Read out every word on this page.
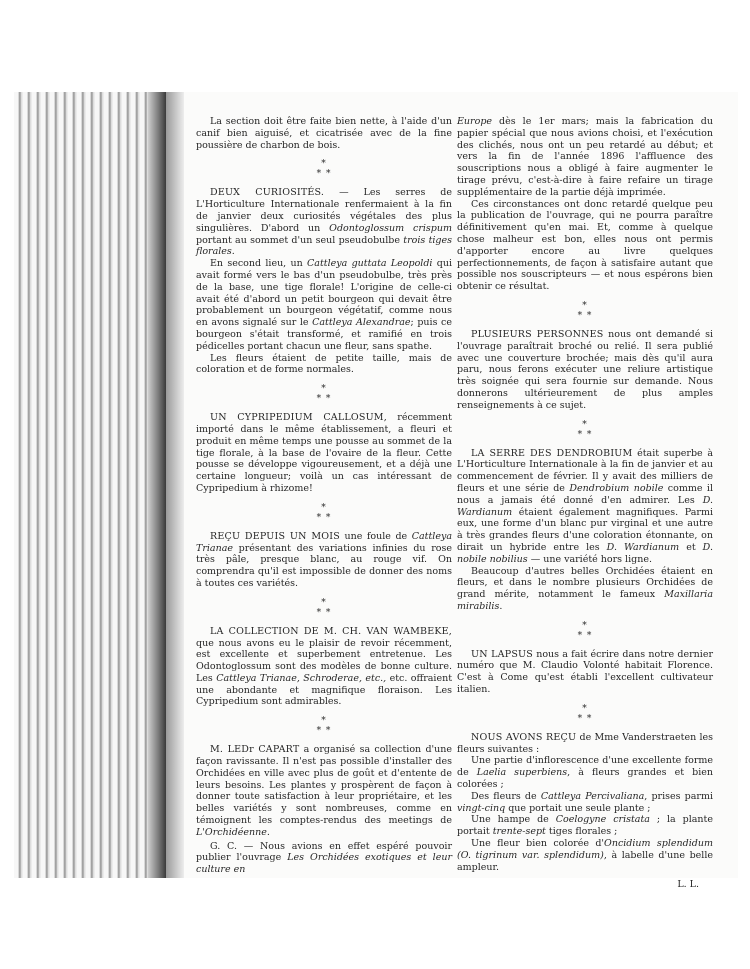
La section doit être faite bien nette, à l'aide d'un canif bien aiguisé, et cicatrisée avec de la fine poussière de charbon de bois.

*
* *

DEUX CURIOSITÉS. — Les serres de L'Horticulture Internationale renfermaient à la fin de janvier deux curiosités végétales des plus singulières. D'abord un Odontoglossum crispum portant au sommet d'un seul pseudobulbe trois tiges florales.

En second lieu, un Cattleya guttata Leopoldi qui avait formé vers le bas d'un pseudobulbe, très près de la base, une tige florale! L'origine de celle-ci avait été d'abord un petit bourgeon qui devait être probablement un bourgeon végétatif, comme nous en avons signalé sur le Cattleya Alexandrae; puis ce bourgeon s'était transformé, et ramifié en trois pédicelles portant chacun une fleur, sans spathe.

Les fleurs étaient de petite taille, mais de coloration et de forme normales.

*
* *

UN CYPRIPEDIUM CALLOSUM, récemment importé dans le même établissement, a fleuri et produit en même temps une pousse au sommet de la tige florale, à la base de l'ovaire de la fleur. Cette pousse se développe vigoureusement, et a déjà une certaine longueur; voilà un cas intéressant de Cypripedium à rhizome!

*
* *

REÇU DEPUIS UN MOIS une foule de Cattleya Trianae présentant des variations infinies du rose très pâle, presque blanc, au rouge vif. On comprendra qu'il est impossible de donner des noms à toutes ces variétés.

*
* *

LA COLLECTION DE M. CH. VAN WAMBEKE, que nous avons eu le plaisir de revoir récemment, est excellente et superbement entretenue. Les Odontoglossum sont des modèles de bonne culture. Les Cattleya Trianae, Schroderae, etc., etc. offraient une abondante et magnifique floraison. Les Cypripedium sont admirables.

*
* *

M. LEDr CAPART a organisé sa collection d'une façon ravissante. Il n'est pas possible d'installer des Orchidées en ville avec plus de goût et d'entente de leurs besoins. Les plantes y prospèrent de façon à donner toute satisfaction à leur propriétaire, et les belles variétés y sont nombreuses, comme en témoignent les comptes-rendus des meetings de L'Orchidéenne.

G. C. — Nous avions en effet espéré pouvoir publier l'ouvrage Les Orchidées exotiques et leur culture en

Europe dès le 1er mars; mais la fabrication du papier spécial que nous avions choisi, et l'exécution des clichés, nous ont un peu retardé au début; et vers la fin de l'année 1896 l'affluence des souscriptions nous a obligé à faire augmenter le tirage prévu, c'est-à-dire à faire refaire un tirage supplémentaire de la partie déjà imprimée.

Ces circonstances ont donc retardé quelque peu la publication de l'ouvrage, qui ne pourra paraître définitivement qu'en mai. Et, comme à quelque chose malheur est bon, elles nous ont permis d'apporter encore au livre quelques perfectionnements, de façon à satisfaire autant que possible nos souscripteurs — et nous espérons bien obtenir ce résultat.

*
* *

PLUSIEURS PERSONNES nous ont demandé si l'ouvrage paraîtrait broché ou relié. Il sera publié avec une couverture brochée; mais dès qu'il aura paru, nous ferons exécuter une reliure artistique très soignée qui sera fournie sur demande. Nous donnerons ultérieurement de plus amples renseignements à ce sujet.

*
* *

LA SERRE DES DENDROBIUM était superbe à L'Horticulture Internationale à la fin de janvier et au commencement de février. Il y avait des milliers de fleurs et une série de Dendrobium nobile comme il nous a jamais été donné d'en admirer. Les D. Wardianum étaient également magnifiques. Parmi eux, une forme d'un blanc pur virginal et une autre à très grandes fleurs d'une coloration étonnante, on dirait un hybride entre les D. Wardianum et D. nobile nobilius — une variété hors ligne.

Beaucoup d'autres belles Orchidées étaient en fleurs, et dans le nombre plusieurs Orchidées de grand mérite, notamment le fameux Maxillaria mirabilis.

*
* *

UN LAPSUS nous a fait écrire dans notre dernier numéro que M. Claudio Volonté habitait Florence. C'est à Come qu'est établi l'excellent cultivateur italien.

*
* *

NOUS AVONS REÇU de Mme Vanderstraeten les fleurs suivantes :

Une partie d'inflorescence d'une excellente forme de Laelia superbiens, à fleurs grandes et bien colorées ;

Des fleurs de Cattleya Percivaliana, prises parmi vingt-cinq que portait une seule plante ;

Une hampe de Coelogyne cristata ; la plante portait trente-sept tiges florales ;

Une fleur bien colorée d'Oncidium splendidum (O. tigrinum var. splendidum), à labelle d'une belle ampleur.

L. L.
